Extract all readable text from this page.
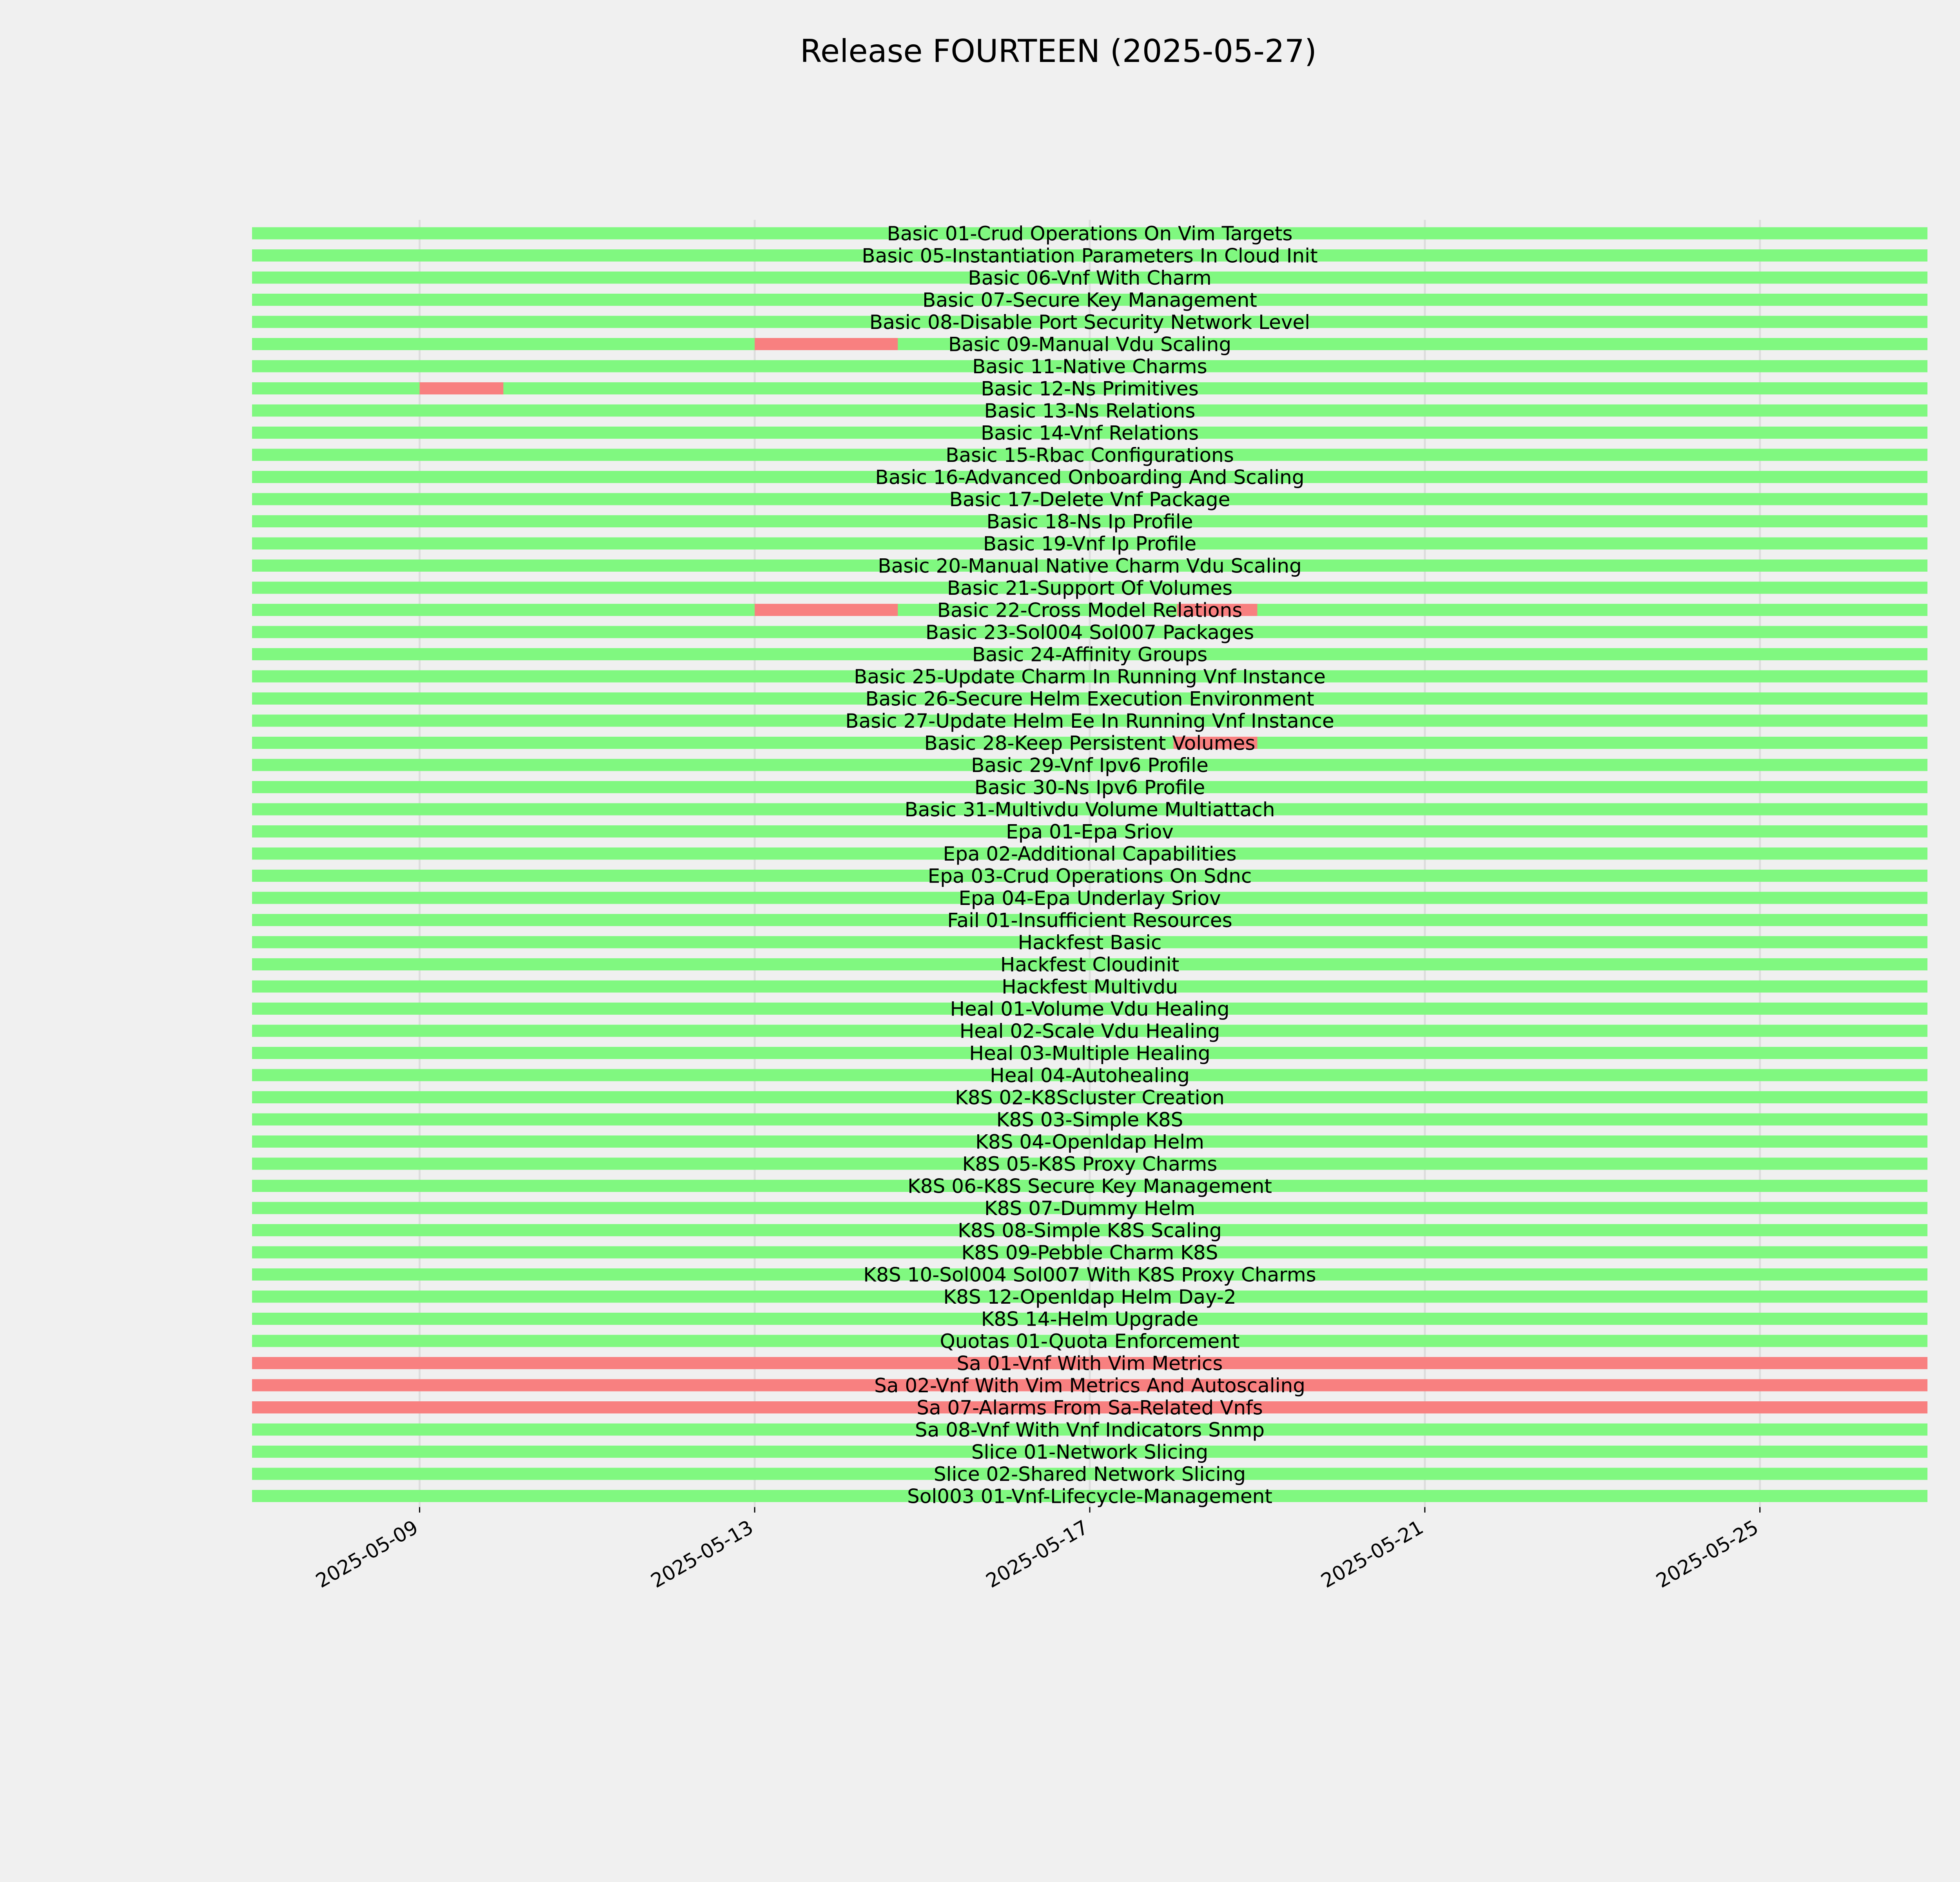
Release FOURTEEN (2025-05-27)
Basic 01-Crud Operations On Vim Targets
Basic 05-Instantiation Parameters In Cloud Init
Basic 06-Vnf With Charm
Basic 07-Secure Key Management
Basic 08-Disable Port Security Network Level
Basic 09-Manual Vdu Scaling
Basic 11-Native Charms
Basic 12-Ns Primitives
Basic 13-Ns Relations
Basic 14-Vnf Relations
Basic 15-Rbac Configurations
Basic 16-Advanced Onboarding And Scaling
Basic 17-Delete Vnf Package
Basic 18-Ns Ip Profile
Basic 19-Vnf Ip Profile
Basic 20-Manual Native Charm Vdu Scaling
Basic 21-Support Of Volumes
Basic 22-Cross Model Relations
Basic 23-Sol004 Sol007 Packages
Basic 24-Affinity Groups
Basic 25-Update Charm In Running Vnf Instance
Basic 26-Secure Helm Execution Environment
Basic 27-Update Helm Ee In Running Vnf Instance
Basic 28-Keep Persistent Volumes
Basic 29-Vnf Ipv6 Profile
Basic 30-Ns Ipv6 Profile
Basic 31-Multivdu Volume Multiattach
Epa 01-Epa Sriov
Epa 02-Additional Capabilities
Epa 03-Crud Operations On Sdnc
Epa 04-Epa Underlay Sriov
Fail 01-Insufficient Resources
Hackfest Basic
Hackfest Cloudinit
Hackfest Multivdu
Heal 01-Volume Vdu Healing
Heal 02-Scale Vdu Healing
Heal 03-Multiple Healing
Heal 04-Autohealing
K8S 02-K8Scluster Creation
K8S 03-Simple K8S
K8S 04-Openldap Helm
K8S 05-K8S Proxy Charms
K8S 06-K8S Secure Key Management
K8S 07-Dummy Helm
K8S 08-Simple K8S Scaling
K8S 09-Pebble Charm K8S
K8S 10-Sol004 Sol007 With K8S Proxy Charms
K8S 12-Openldap Helm Day-2
K8S 14-Helm Upgrade
Quotas 01-Quota Enforcement
Sa 01-Vnf With Vim Metrics
Sa 02-Vnf With Vim Metrics And Autoscaling
Sa 07-Alarms From Sa-Related Vnfs
Sa 08-Vnf With Vnf Indicators Snmp
Slice 01-Network Slicing
Slice 02-Shared Network Slicing
Sol003 01-Vnf-Lifecycle-Management
2025-05-09	2025-05-13	2025-05-17	2025-05-21	2025-05-25
